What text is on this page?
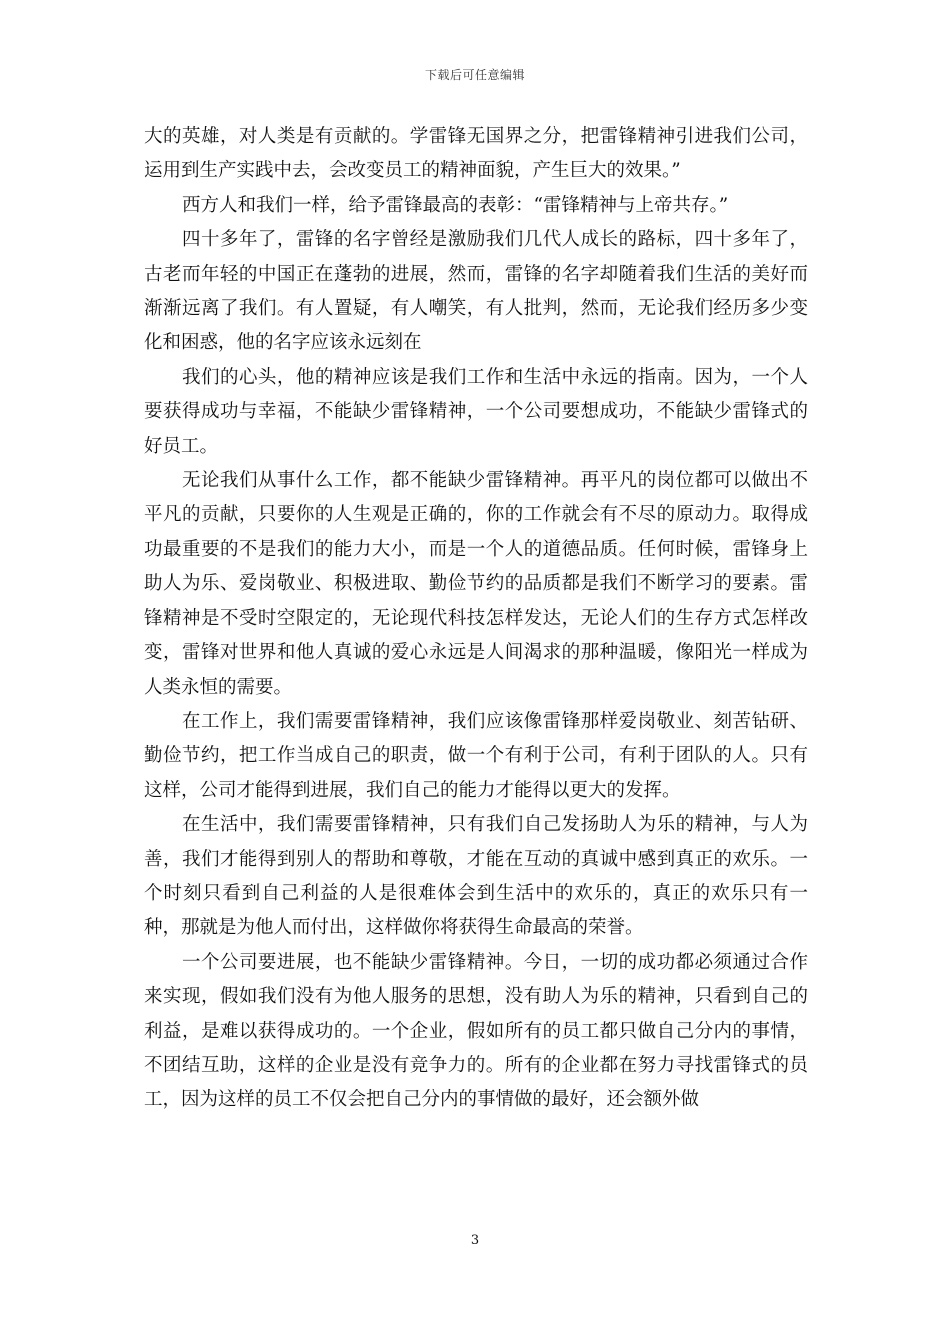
下载后可任意编辑

大的英雄，对人类是有贡献的。学雷锋无国界之分，把雷锋精神引进我们公司，运用到生产实践中去，会改变员工的精神面貌，产生巨大的效果。”

西方人和我们一样，给予雷锋最高的表彰：“雷锋精神与上帝共存。”

四十多年了，雷锋的名字曾经是激励我们几代人成长的路标，四十多年了，古老而年轻的中国正在蓬勃的进展，然而，雷锋的名字却随着我们生活的美好而渐渐远离了我们。有人置疑，有人嘲笑，有人批判，然而，无论我们经历多少变化和困惑，他的名字应该永远刻在

我们的心头，他的精神应该是我们工作和生活中永远的指南。因为，一个人要获得成功与幸福，不能缺少雷锋精神，一个公司要想成功，不能缺少雷锋式的好员工。

无论我们从事什么工作，都不能缺少雷锋精神。再平凡的岗位都可以做出不平凡的贡献，只要你的人生观是正确的，你的工作就会有不尽的原动力。取得成功最重要的不是我们的能力大小，而是一个人的道德品质。任何时候，雷锋身上助人为乐、爱岗敬业、积极进取、勤俭节约的品质都是我们不断学习的要素。雷锋精神是不受时空限定的，无论现代科技怎样发达，无论人们的生存方式怎样改变，雷锋对世界和他人真诚的爱心永远是人间渴求的那种温暖，像阳光一样成为人类永恒的需要。

在工作上，我们需要雷锋精神，我们应该像雷锋那样爱岗敬业、刻苦钻研、勤俭节约，把工作当成自己的职责，做一个有利于公司，有利于团队的人。只有这样，公司才能得到进展，我们自己的能力才能得以更大的发挥。

在生活中，我们需要雷锋精神，只有我们自己发扬助人为乐的精神，与人为善，我们才能得到别人的帮助和尊敬，才能在互动的真诚中感到真正的欢乐。一个时刻只看到自己利益的人是很难体会到生活中的欢乐的，真正的欢乐只有一种，那就是为他人而付出，这样做你将获得生命最高的荣誉。

一个公司要进展，也不能缺少雷锋精神。今日，一切的成功都必须通过合作来实现，假如我们没有为他人服务的思想，没有助人为乐的精神，只看到自己的利益，是难以获得成功的。一个企业，假如所有的员工都只做自己分内的事情，不团结互助，这样的企业是没有竞争力的。所有的企业都在努力寻找雷锋式的员工，因为这样的员工不仅会把自己分内的事情做的最好，还会额外做

3
